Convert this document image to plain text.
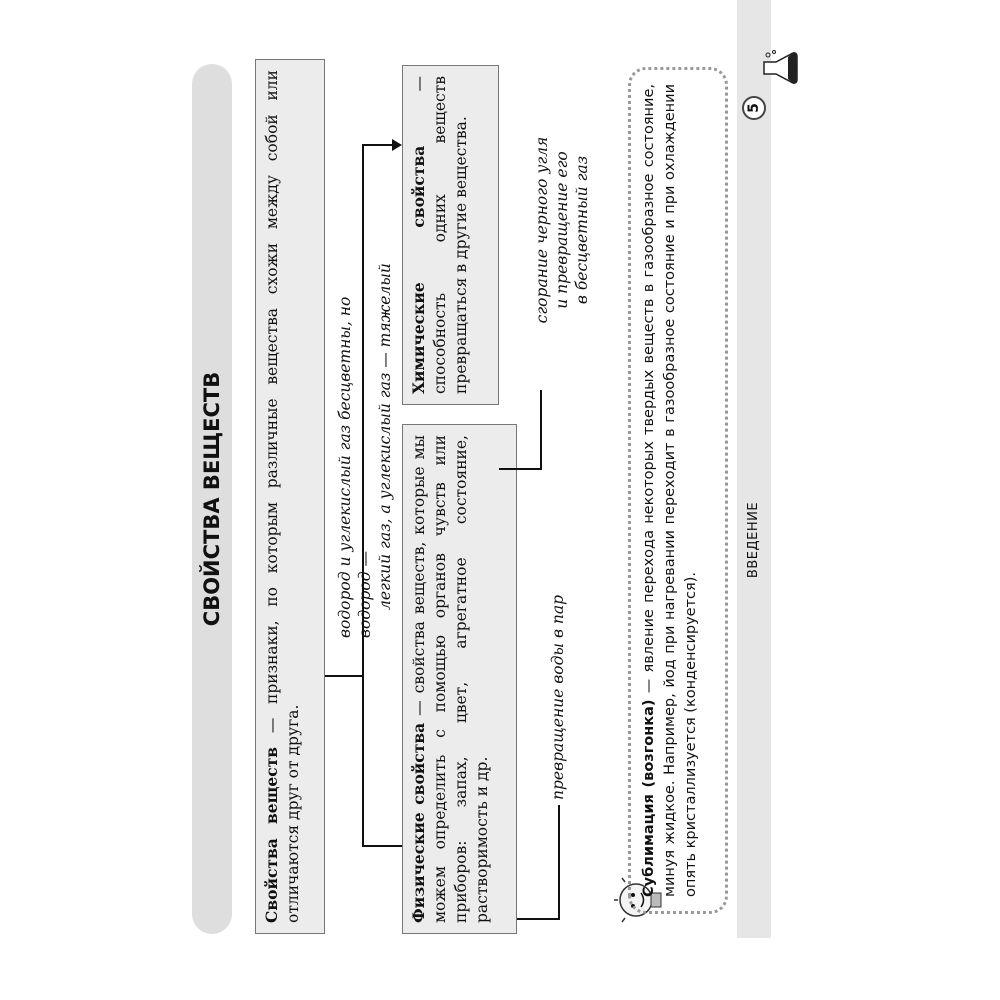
СВОЙСТВА ВЕЩЕСТВ
Свойства веществ — признаки, по которым различные вещества схожи между собой или отличаются друг от друга.
водород и углекислый газ бесцветны, но водород — легкий газ, а углекислый газ — тяжелый
Физические свойства — свойства веществ, которые мы можем определить с помощью органов чувств или приборов: запах, цвет, агрегатное состояние, растворимость и др.
Химические свойства — способность одних веществ превращаться в другие вещества.
превращение воды в пар
сгорание черного угля и превращение его в бесцветный газ
Сублимация (возгонка) — явление перехода некоторых твердых веществ в газообразное состояние, минуя жидкое. Например, йод при нагревании переходит в газообразное состояние и при охлаждении опять кристаллизуется (конденсируется).
ВВЕДЕНИЕ
5
